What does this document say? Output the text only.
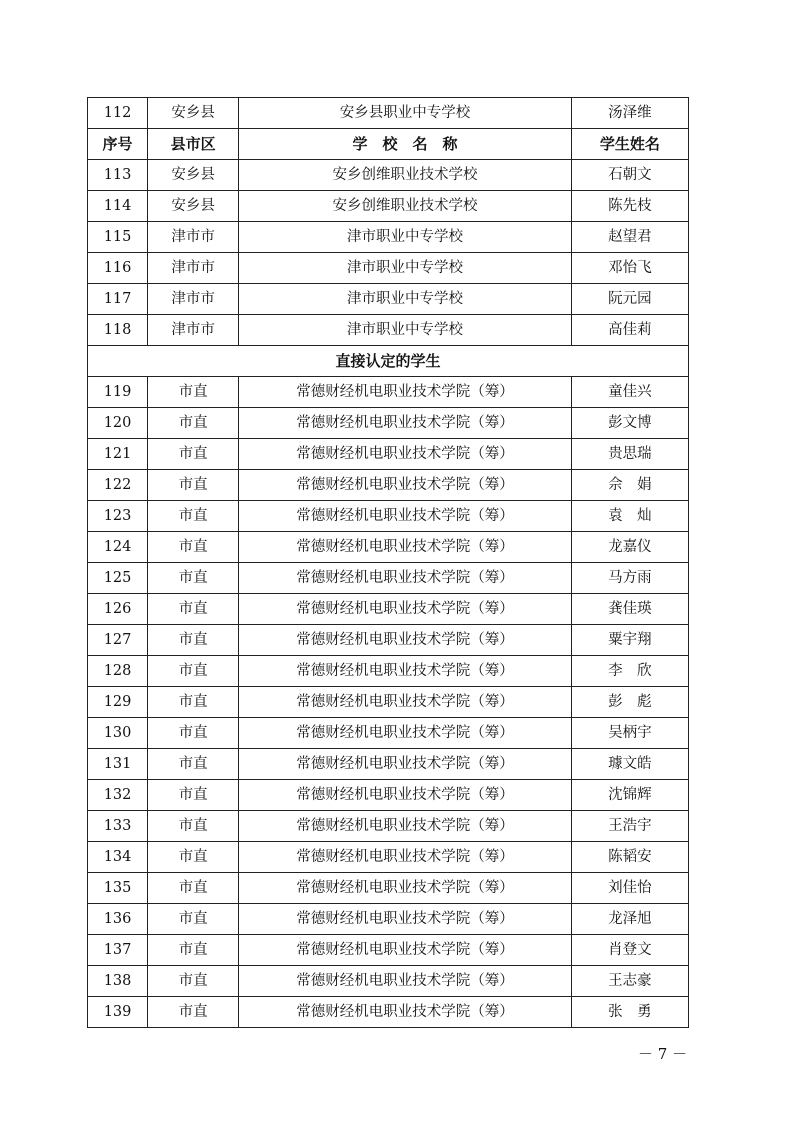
112	安乡县	安乡县职业中专学校	汤泽维
序号	县市区	学　校　名　称	学生姓名
113	安乡县	安乡创维职业技术学校	石朝文
114	安乡县	安乡创维职业技术学校	陈先枝
115	津市市	津市职业中专学校	赵望君
116	津市市	津市职业中专学校	邓怡飞
117	津市市	津市职业中专学校	阮元园
118	津市市	津市职业中专学校	高佳莉
直接认定的学生			
119	市直	常德财经机电职业技术学院（筹）	童佳兴
120	市直	常德财经机电职业技术学院（筹）	彭文博
121	市直	常德财经机电职业技术学院（筹）	贵思瑞
122	市直	常德财经机电职业技术学院（筹）	佘　娟
123	市直	常德财经机电职业技术学院（筹）	袁　灿
124	市直	常德财经机电职业技术学院（筹）	龙嘉仪
125	市直	常德财经机电职业技术学院（筹）	马方雨
126	市直	常德财经机电职业技术学院（筹）	龚佳瑛
127	市直	常德财经机电职业技术学院（筹）	粟宇翔
128	市直	常德财经机电职业技术学院（筹）	李　欣
129	市直	常德财经机电职业技术学院（筹）	彭　彪
130	市直	常德财经机电职业技术学院（筹）	吴柄宇
131	市直	常德财经机电职业技术学院（筹）	璩文皓
132	市直	常德财经机电职业技术学院（筹）	沈锦辉
133	市直	常德财经机电职业技术学院（筹）	王浩宇
134	市直	常德财经机电职业技术学院（筹）	陈韬安
135	市直	常德财经机电职业技术学院（筹）	刘佳怡
136	市直	常德财经机电职业技术学院（筹）	龙泽旭
137	市直	常德财经机电职业技术学院（筹）	肖登文
138	市直	常德财经机电职业技术学院（筹）	王志豪
139	市直	常德财经机电职业技术学院（筹）	张　勇
－ 7 －
